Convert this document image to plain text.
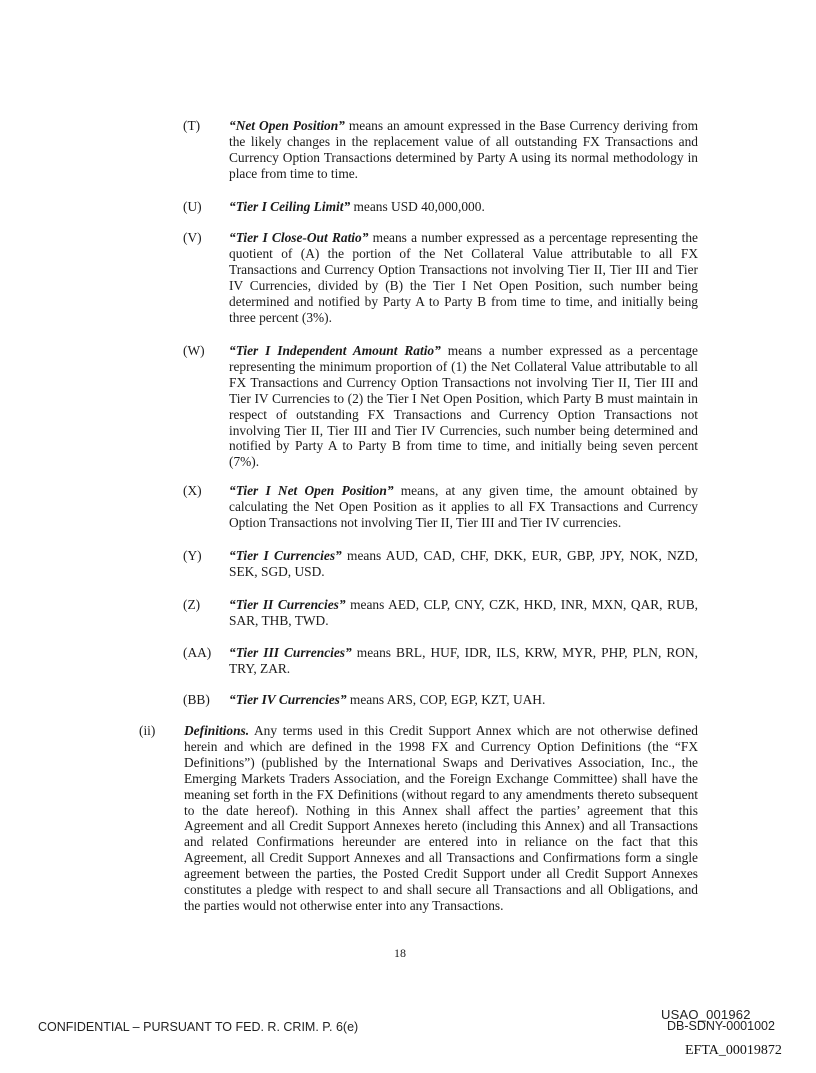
(T) “Net Open Position” means an amount expressed in the Base Currency deriving from the likely changes in the replacement value of all outstanding FX Transactions and Currency Option Transactions determined by Party A using its normal methodology in place from time to time.
(U) “Tier I Ceiling Limit” means USD 40,000,000.
(V) “Tier I Close-Out Ratio” means a number expressed as a percentage representing the quotient of (A) the portion of the Net Collateral Value attributable to all FX Transactions and Currency Option Transactions not involving Tier II, Tier III and Tier IV Currencies, divided by (B) the Tier I Net Open Position, such number being determined and notified by Party A to Party B from time to time, and initially being three percent (3%).
(W) “Tier I Independent Amount Ratio” means a number expressed as a percentage representing the minimum proportion of (1) the Net Collateral Value attributable to all FX Transactions and Currency Option Transactions not involving Tier II, Tier III and Tier IV Currencies to (2) the Tier I Net Open Position, which Party B must maintain in respect of outstanding FX Transactions and Currency Option Transactions not involving Tier II, Tier III and Tier IV Currencies, such number being determined and notified by Party A to Party B from time to time, and initially being seven percent (7%).
(X) “Tier I Net Open Position” means, at any given time, the amount obtained by calculating the Net Open Position as it applies to all FX Transactions and Currency Option Transactions not involving Tier II, Tier III and Tier IV currencies.
(Y) “Tier I Currencies” means AUD, CAD, CHF, DKK, EUR, GBP, JPY, NOK, NZD, SEK, SGD, USD.
(Z) “Tier II Currencies” means AED, CLP, CNY, CZK, HKD, INR, MXN, QAR, RUB, SAR, THB, TWD.
(AA) “Tier III Currencies” means BRL, HUF, IDR, ILS, KRW, MYR, PHP, PLN, RON, TRY, ZAR.
(BB) “Tier IV Currencies” means ARS, COP, EGP, KZT, UAH.
(ii) Definitions. Any terms used in this Credit Support Annex which are not otherwise defined herein and which are defined in the 1998 FX and Currency Option Definitions (the “FX Definitions”) (published by the International Swaps and Derivatives Association, Inc., the Emerging Markets Traders Association, and the Foreign Exchange Committee) shall have the meaning set forth in the FX Definitions (without regard to any amendments thereto subsequent to the date hereof). Nothing in this Annex shall affect the parties’ agreement that this Agreement and all Credit Support Annexes hereto (including this Annex) and all Transactions and related Confirmations hereunder are entered into in reliance on the fact that this Agreement, all Credit Support Annexes and all Transactions and Confirmations form a single agreement between the parties, the Posted Credit Support under all Credit Support Annexes constitutes a pledge with respect to and shall secure all Transactions and all Obligations, and the parties would not otherwise enter into any Transactions.
18
CONFIDENTIAL – PURSUANT TO FED. R. CRIM. P. 6(e)
USAO_001962
DB-SDNY-0001002
EFTA_00019872
